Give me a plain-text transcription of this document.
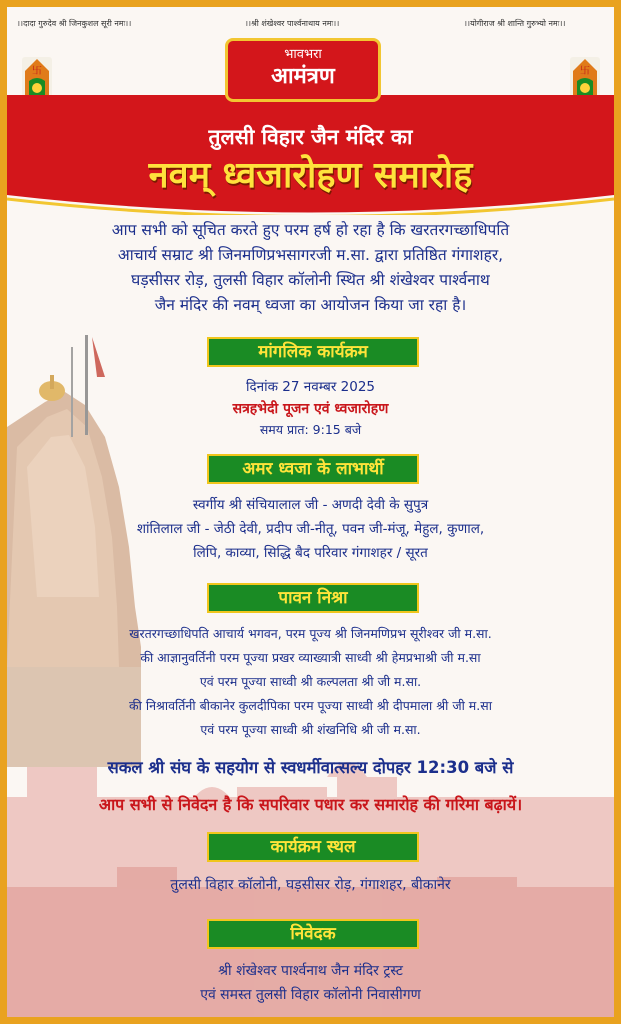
।।दादा गुरुदेव श्री जिनकुशल सूरी नमः।।	।।श्री शंखेश्वर पार्श्वनाथाय नमः।।	।।योगीराज श्री शान्ति गुरुभ्यो नमः।।
卐	卐
भावभरा
आमंत्रण
तुलसी विहार जैन मंदिर का
नवम् ध्वजारोहण समारोह
आप सभी को सूचित करते हुए परम हर्ष हो रहा है कि खरतरगच्छाधिपति
आचार्य सम्राट श्री जिनमणिप्रभसागरजी म.सा. द्वारा प्रतिष्ठित गंगाशहर,
घड़सीसर रोड़, तुलसी विहार कॉलोनी स्थित श्री शंखेश्वर पार्श्वनाथ
जैन मंदिर की नवम् ध्वजा का आयोजन किया जा रहा है।
मांगलिक कार्यक्रम
दिनांक 27 नवम्बर 2025
सत्रहभेदी पूजन एवं ध्वजारोहण
समय प्रात: 9:15 बजे
अमर ध्वजा के लाभार्थी
स्वर्गीय श्री संचियालाल जी - अणदी देवी के सुपुत्र
शांतिलाल जी - जेठी देवी, प्रदीप जी-नीतू, पवन जी-मंजू, मेहुल, कुणाल,
लिपि, काव्या, सिद्धि बैद परिवार गंगाशहर / सूरत
पावन निश्रा
खरतरगच्छाधिपति आचार्य भगवन, परम पूज्य श्री जिनमणिप्रभ सूरीश्वर जी म.सा.
की आज्ञानुवर्तिनी परम पूज्या प्रखर व्याख्यात्री साध्वी श्री हेमप्रभाश्री जी म.सा
एवं परम पूज्या साध्वी श्री कल्पलता श्री जी म.सा.
की निश्रावर्तिनी बीकानेर कुलदीपिका परम पूज्या साध्वी श्री दीपमाला श्री जी म.सा
एवं परम पूज्या साध्वी श्री शंखनिधि श्री जी म.सा.
सकल श्री संघ के सहयोग से स्वधर्मीवात्सल्य दोपहर 12:30 बजे से
आप सभी से निवेदन है कि सपरिवार पधार कर समारोह की गरिमा बढ़ायें।
कार्यक्रम स्थल
तुलसी विहार कॉलोनी, घड़सीसर रोड़, गंगाशहर, बीकानेर
निवेदक
श्री शंखेश्वर पार्श्वनाथ जैन मंदिर ट्रस्ट
एवं समस्त तुलसी विहार कॉलोनी निवासीगण
